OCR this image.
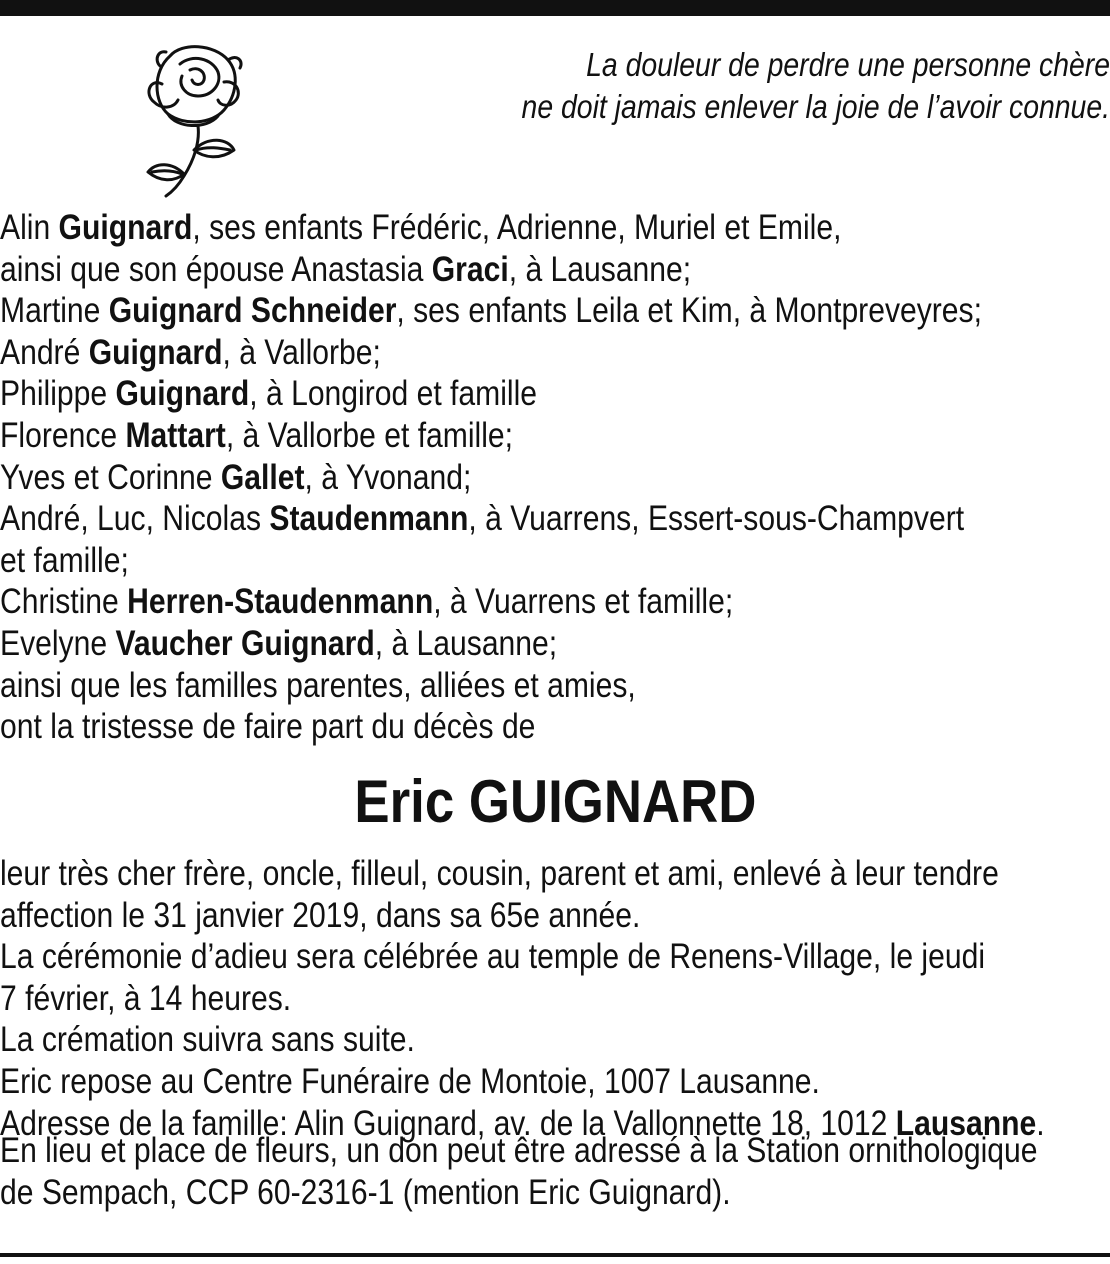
La douleur de perdre une personne chère
ne doit jamais enlever la joie de l’avoir connue.
Alin Guignard, ses enfants Frédéric, Adrienne, Muriel et Emile,
ainsi que son épouse Anastasia Graci, à Lausanne;
Martine Guignard Schneider, ses enfants Leila et Kim, à Montpreveyres;
André Guignard, à Vallorbe;
Philippe Guignard, à Longirod et famille
Florence Mattart, à Vallorbe et famille;
Yves et Corinne Gallet, à Yvonand;
André, Luc, Nicolas Staudenmann, à Vuarrens, Essert-sous-Champvert
et famille;
Christine Herren-Staudenmann, à Vuarrens et famille;
Evelyne Vaucher Guignard, à Lausanne;
ainsi que les familles parentes, alliées et amies,
ont la tristesse de faire part du décès de
Eric GUIGNARD
leur très cher frère, oncle, filleul, cousin, parent et ami, enlevé à leur tendre
affection le 31 janvier 2019, dans sa 65e année.
La cérémonie d’adieu sera célébrée au temple de Renens-Village, le jeudi
7 février, à 14 heures.
La crémation suivra sans suite.
Eric repose au Centre Funéraire de Montoie, 1007 Lausanne.
Adresse de la famille: Alin Guignard, av. de la Vallonnette 18, 1012 Lausanne.
En lieu et place de fleurs, un don peut être adressé à la Station ornithologique
de Sempach, CCP 60-2316-1 (mention Eric Guignard).
